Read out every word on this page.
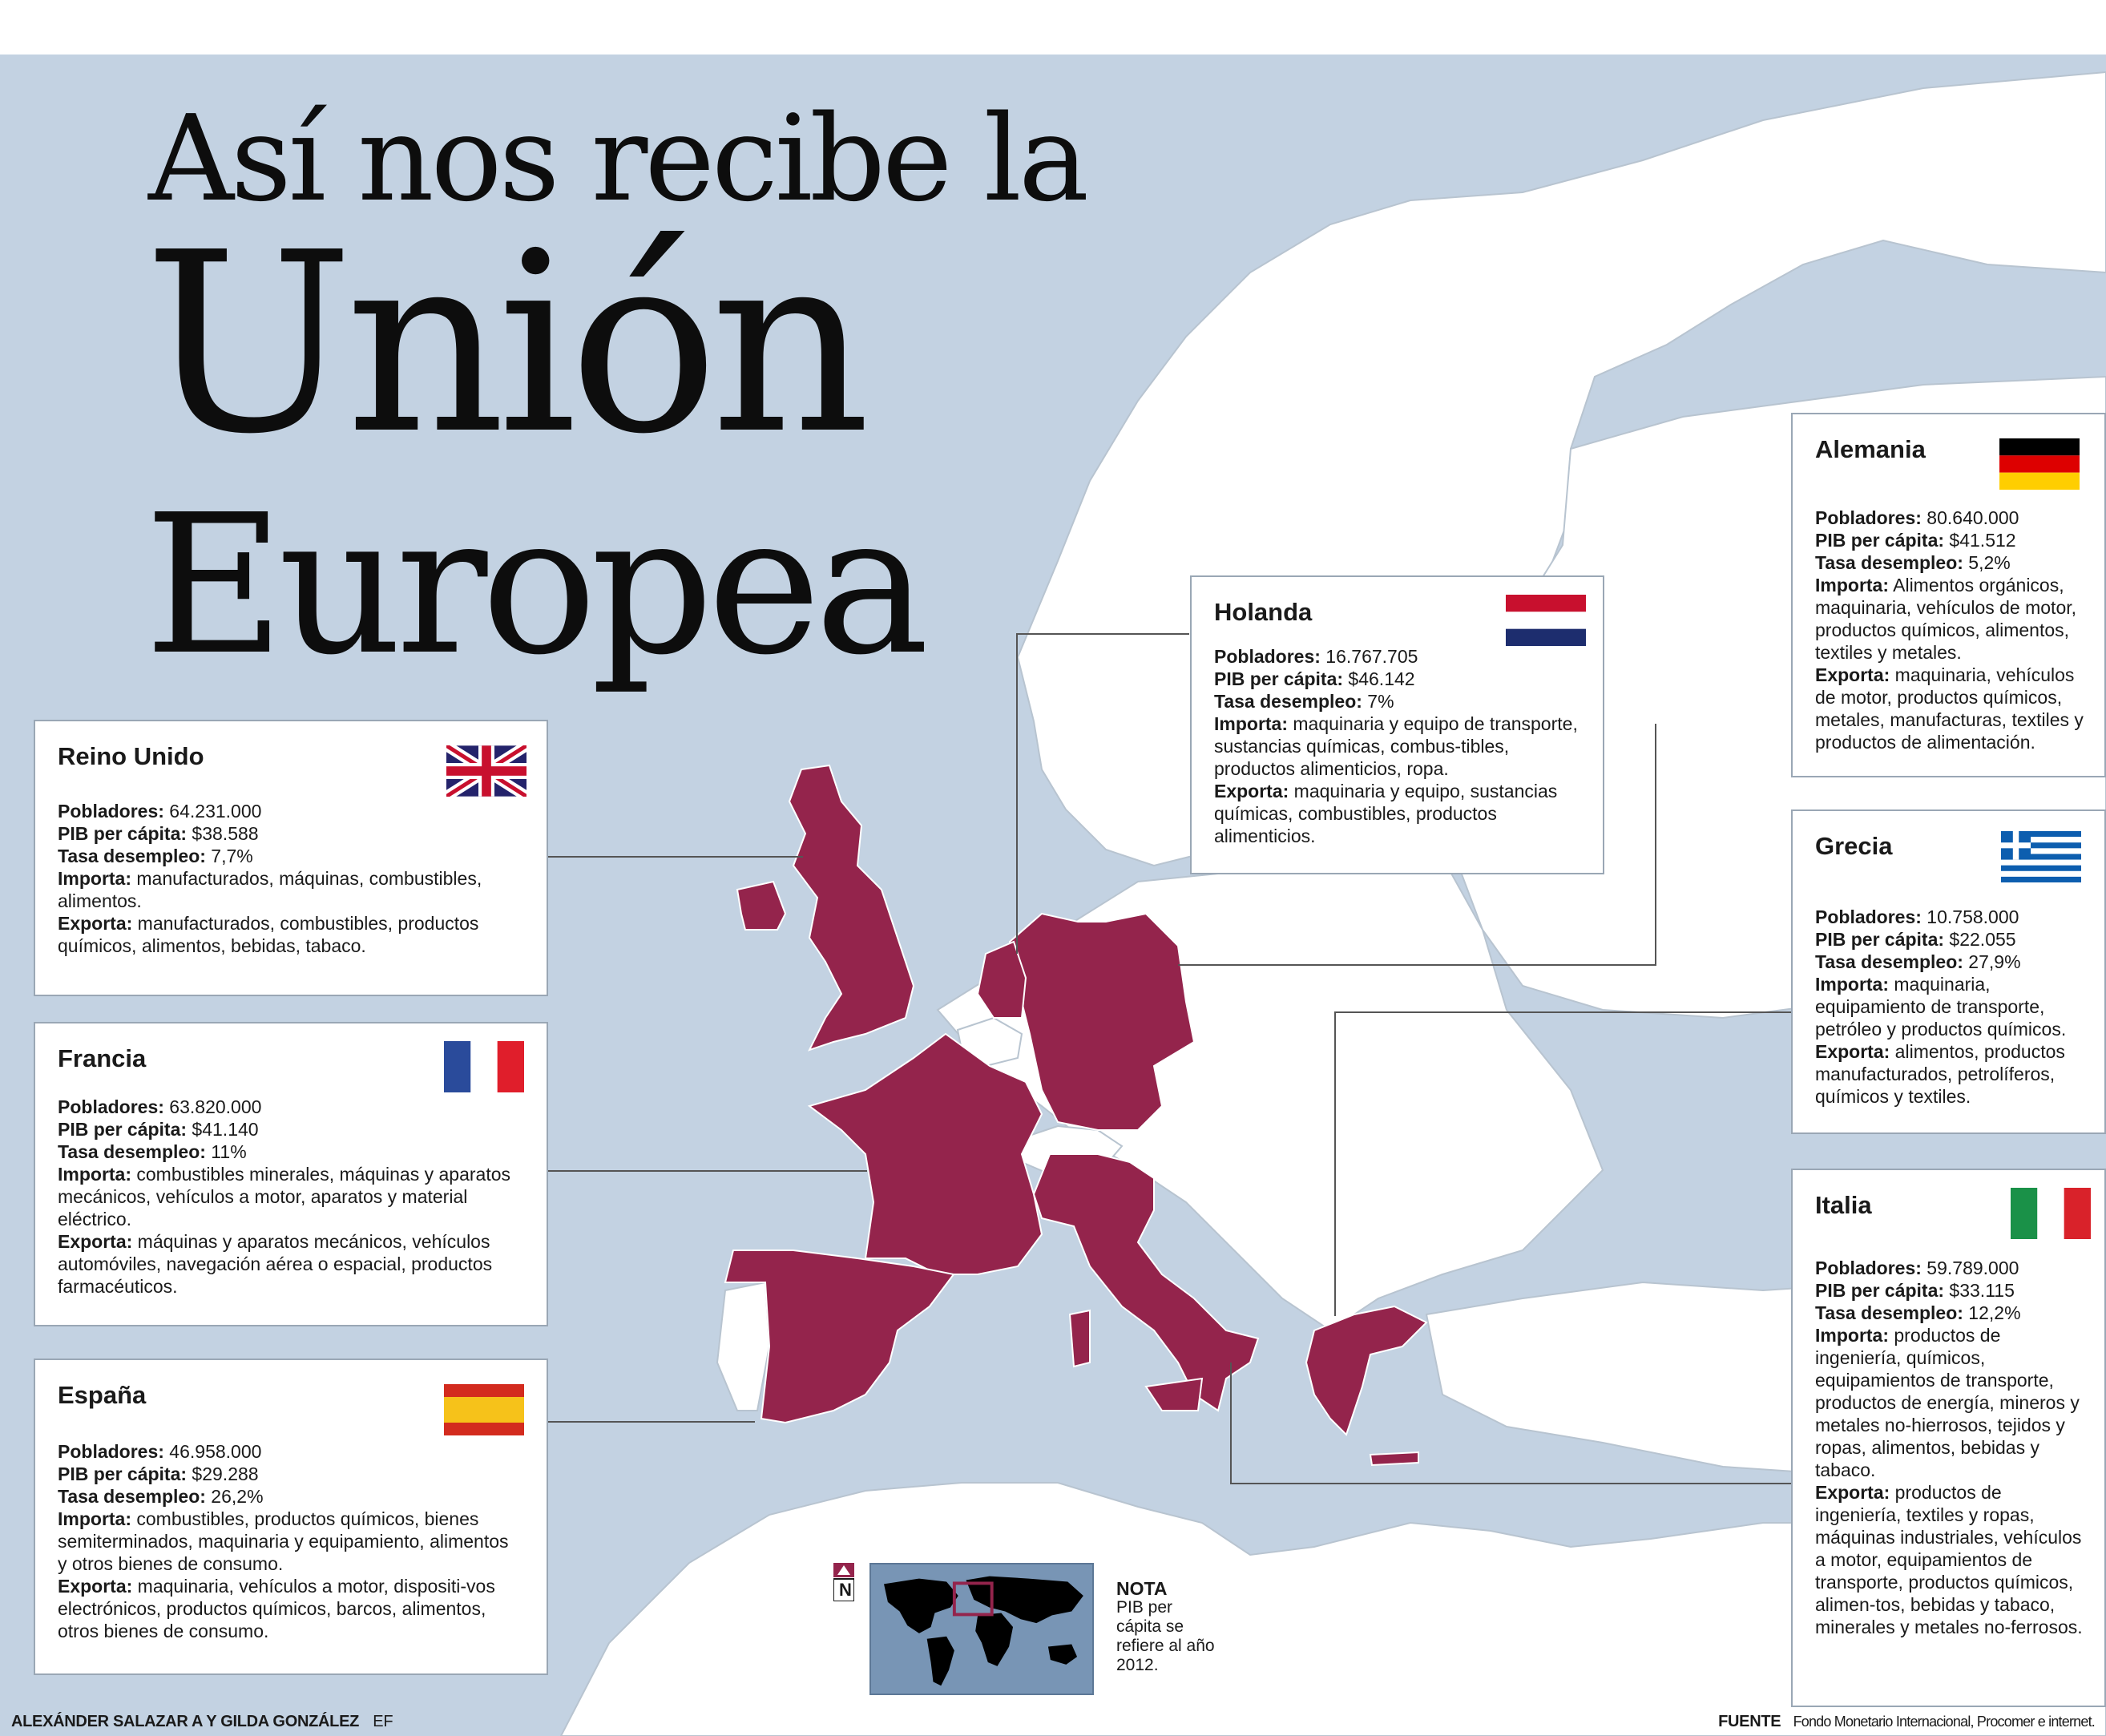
Así nos recibe la
Unión
Europea
Reino Unido
Pobladores: 64.231.000
PIB per cápita: $38.588
Tasa desempleo: 7,7%
Importa: manufacturados, máquinas, combustibles, alimentos.
Exporta: manufacturados, combustibles, productos químicos, alimentos, bebidas, tabaco.
Francia
Pobladores: 63.820.000
PIB per cápita: $41.140
Tasa desempleo: 11%
Importa: combustibles minerales, máquinas y aparatos mecánicos, vehículos a motor, aparatos y material eléctrico.
Exporta: máquinas y aparatos mecánicos, vehículos automóviles, navegación aérea o espacial, productos farmacéuticos.
España
Pobladores: 46.958.000
PIB per cápita: $29.288
Tasa desempleo: 26,2%
Importa: combustibles, productos químicos, bienes semiterminados, maquinaria y equipamiento, alimentos y otros bienes de consumo.
Exporta: maquinaria, vehículos a motor, dispositi-vos electrónicos, productos químicos, barcos, alimentos, otros bienes de consumo.
Holanda
Pobladores: 16.767.705
PIB per cápita: $46.142
Tasa desempleo: 7%
Importa: maquinaria y equipo de transporte, sustancias químicas, combus-tibles, productos alimenticios, ropa.
Exporta: maquinaria y equipo, sustancias químicas, combustibles, productos alimenticios.
Alemania
Pobladores: 80.640.000
PIB per cápita: $41.512
Tasa desempleo: 5,2%
Importa: Alimentos orgánicos, maquinaria, vehículos de motor, productos químicos, alimentos, textiles y metales.
Exporta: maquinaria, vehículos de motor, productos químicos, metales, manufacturas, textiles y productos de alimentación.
Grecia
Pobladores: 10.758.000
PIB per cápita: $22.055
Tasa desempleo: 27,9%
Importa: maquinaria, equipamiento de transporte, petróleo y productos químicos.
Exporta: alimentos, productos manufacturados, petrolíferos, químicos y textiles.
Italia
Pobladores: 59.789.000
PIB per cápita: $33.115
Tasa desempleo: 12,2%
Importa: productos de ingeniería, químicos, equipamientos de transporte, productos de energía, mineros y metales no-hierrosos, tejidos y ropas, alimentos, bebidas y tabaco.
Exporta: productos de ingeniería, textiles y ropas, máquinas industriales, vehículos a motor, equipamientos de transporte, productos químicos, alimen-tos, bebidas y tabaco, minerales y metales no-ferrosos.
N	NOTA
PIB per cápita se refiere al año 2012.
ALEXÁNDER SALAZAR A Y GILDA GONZÁLEZ EF	FUENTE Fondo Monetario Internacional, Procomer e internet.
